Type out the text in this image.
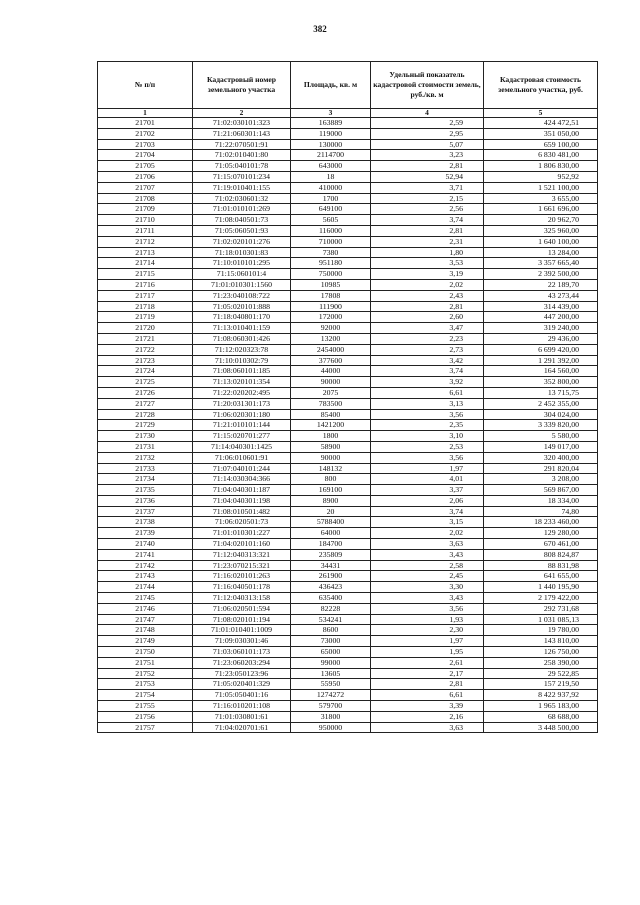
382
№ п/п	Кадастровый номер земельного участка	Площадь, кв. м	Удельный показатель кадастровой стоимости земель, руб./кв. м	Кадастровая стоимость земельного участка, руб.
1	2	3	4	5
21701	71:02:030101:323	163889	2,59	424 472,51
21702	71:21:060301:143	119000	2,95	351 050,00
21703	71:22:070501:91	130000	5,07	659 100,00
21704	71:02:010401:80	2114700	3,23	6 830 481,00
21705	71:05:040101:78	643000	2,81	1 806 830,00
21706	71:15:070101:234	18	52,94	952,92
21707	71:19:010401:155	410000	3,71	1 521 100,00
21708	71:02:030601:32	1700	2,15	3 655,00
21709	71:01:010101:269	649100	2,56	1 661 696,00
21710	71:08:040501:73	5605	3,74	20 962,70
21711	71:05:060501:93	116000	2,81	325 960,00
21712	71:02:020101:276	710000	2,31	1 640 100,00
21713	71:18:010301:83	7380	1,80	13 284,00
21714	71:10:010101:295	951180	3,53	3 357 665,40
21715	71:15:060101:4	750000	3,19	2 392 500,00
21716	71:01:010301:1560	10985	2,02	22 189,70
21717	71:23:040108:722	17808	2,43	43 273,44
21718	71:05:020101:888	111900	2,81	314 439,00
21719	71:18:040801:170	172000	2,60	447 200,00
21720	71:13:010401:159	92000	3,47	319 240,00
21721	71:08:060301:426	13200	2,23	29 436,00
21722	71:12:020323:78	2454000	2,73	6 699 420,00
21723	71:10:010302:79	377600	3,42	1 291 392,00
21724	71:08:060101:185	44000	3,74	164 560,00
21725	71:13:020101:354	90000	3,92	352 800,00
21726	71:22:020202:495	2075	6,61	13 715,75
21727	71:20:031301:173	783500	3,13	2 452 355,00
21728	71:06:020301:180	85400	3,56	304 024,00
21729	71:21:010101:144	1421200	2,35	3 339 820,00
21730	71:15:020701:277	1800	3,10	5 580,00
21731	71:14:040301:1425	58900	2,53	149 017,00
21732	71:06:010601:91	90000	3,56	320 400,00
21733	71:07:040101:244	148132	1,97	291 820,04
21734	71:14:030304:366	800	4,01	3 208,00
21735	71:04:040301:187	169100	3,37	569 867,00
21736	71:04:040301:198	8900	2,06	18 334,00
21737	71:08:010501:482	20	3,74	74,80
21738	71:06:020501:73	5788400	3,15	18 233 460,00
21739	71:01:010301:227	64000	2,02	129 280,00
21740	71:04:020101:160	184700	3,63	670 461,00
21741	71:12:040313:321	235809	3,43	808 824,87
21742	71:23:070215:321	34431	2,58	88 831,98
21743	71:16:020101:263	261900	2,45	641 655,00
21744	71:16:040501:178	436423	3,30	1 440 195,90
21745	71:12:040313:158	635400	3,43	2 179 422,00
21746	71:06:020501:594	82228	3,56	292 731,68
21747	71:08:020101:194	534241	1,93	1 031 085,13
21748	71:01:010401:1009	8600	2,30	19 780,00
21749	71:09:030301:46	73000	1,97	143 810,00
21750	71:03:060101:173	65000	1,95	126 750,00
21751	71:23:060203:294	99000	2,61	258 390,00
21752	71:23:050123:96	13605	2,17	29 522,85
21753	71:05:020401:329	55950	2,81	157 219,50
21754	71:05:050401:16	1274272	6,61	8 422 937,92
21755	71:16:010201:108	579700	3,39	1 965 183,00
21756	71:01:030801:61	31800	2,16	68 688,00
21757	71:04:020701:61	950000	3,63	3 448 500,00
